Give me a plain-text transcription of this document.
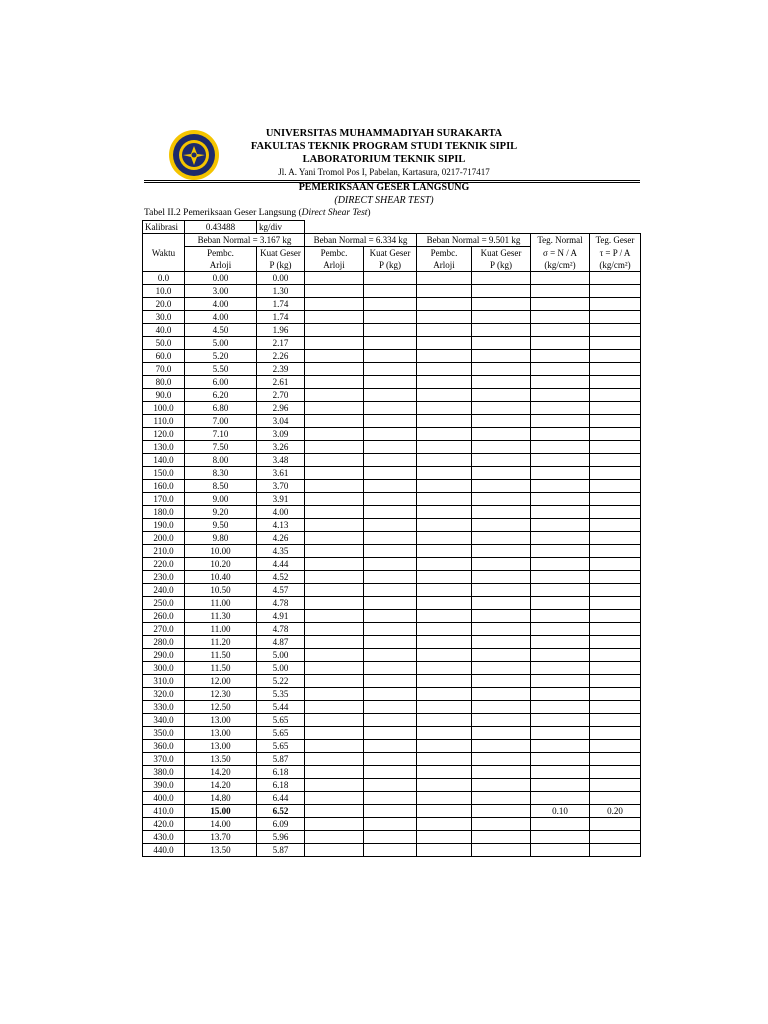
UNIVERSITAS MUHAMMADIYAH SURAKARTA
FAKULTAS TEKNIK PROGRAM STUDI TEKNIK SIPIL
LABORATORIUM TEKNIK SIPIL
Jl. A. Yani Tromol Pos I, Pabelan, Kartasura, 0217-717417
PEMERIKSAAN GESER LANGSUNG
(DIRECT SHEAR TEST)
Tabel II.2 Pemeriksaan Geser Langsung (Direct Shear Test)
Kalibrasi	0.43488	kg/div						
	Beban Normal = 3.167 kg		Beban Normal = 6.334 kg		Beban Normal = 9.501 kg		Teg. Normal	Teg. Geser
Waktu	Pembc.	Kuat Geser	Pembc.	Kuat Geser	Pembc.	Kuat Geser	σ = N / A	τ = P / A
	Arloji	P (kg)	Arloji	P (kg)	Arloji	P (kg)	(kg/cm²)	(kg/cm²)
0.0	0.00	0.00						
10.0	3.00	1.30						
20.0	4.00	1.74						
30.0	4.00	1.74						
40.0	4.50	1.96						
50.0	5.00	2.17						
60.0	5.20	2.26						
70.0	5.50	2.39						
80.0	6.00	2.61						
90.0	6.20	2.70						
100.0	6.80	2.96						
110.0	7.00	3.04						
120.0	7.10	3.09						
130.0	7.50	3.26						
140.0	8.00	3.48						
150.0	8.30	3.61						
160.0	8.50	3.70						
170.0	9.00	3.91						
180.0	9.20	4.00						
190.0	9.50	4.13						
200.0	9.80	4.26						
210.0	10.00	4.35						
220.0	10.20	4.44						
230.0	10.40	4.52						
240.0	10.50	4.57						
250.0	11.00	4.78						
260.0	11.30	4.91						
270.0	11.00	4.78						
280.0	11.20	4.87						
290.0	11.50	5.00						
300.0	11.50	5.00						
310.0	12.00	5.22						
320.0	12.30	5.35						
330.0	12.50	5.44						
340.0	13.00	5.65						
350.0	13.00	5.65						
360.0	13.00	5.65						
370.0	13.50	5.87						
380.0	14.20	6.18						
390.0	14.20	6.18						
400.0	14.80	6.44						
410.0	15.00	6.52					0.10	0.20
420.0	14.00	6.09						
430.0	13.70	5.96						
440.0	13.50	5.87						
